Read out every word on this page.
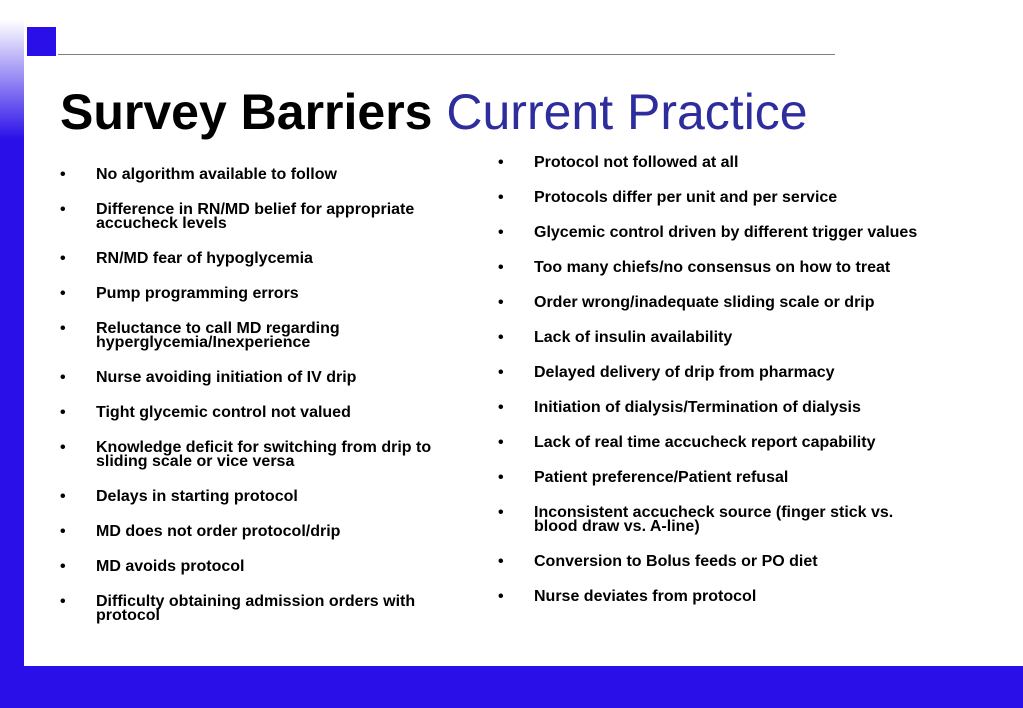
Survey Barriers Current Practice
• No algorithm available to follow
• Difference in RN/MD belief for appropriate accucheck levels
• RN/MD fear of hypoglycemia
• Pump programming errors
• Reluctance to call MD regarding hyperglycemia/Inexperience
• Nurse avoiding initiation of IV drip
• Tight glycemic control not valued
• Knowledge deficit for switching from drip to sliding scale or vice versa
• Delays in starting protocol
• MD does not order protocol/drip
• MD avoids protocol
• Difficulty obtaining admission orders with protocol
• Protocol not followed at all
• Protocols differ per unit and per service
• Glycemic control driven by different trigger values
• Too many chiefs/no consensus on how to treat
• Order wrong/inadequate sliding scale or drip
• Lack of insulin availability
• Delayed delivery of drip from pharmacy
• Initiation of dialysis/Termination of dialysis
• Lack of real time accucheck report capability
• Patient preference/Patient refusal
• Inconsistent accucheck source (finger stick vs. blood draw vs. A-line)
• Conversion to Bolus feeds or PO diet
• Nurse deviates from protocol
